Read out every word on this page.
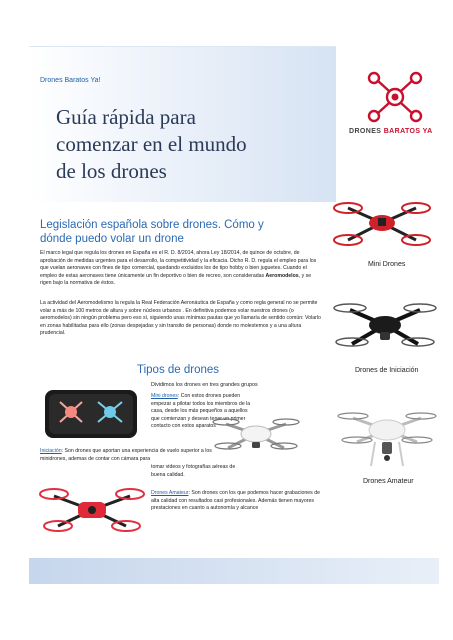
Drones Baratos Ya!
Guía rápida para
comenzar en el mundo
de los drones
DRONES BARATOS YA
Legislación española sobre drones. Cómo y
dónde puedo volar un drone
El marco legal que regula los drones en España es el R. D. 8/2014, ahora Ley 18/2014, de quince de octubre, de aprobación de medidas urgentes para el desarrollo, la competitividad y la eficacia. Dicho R. D. regula el empleo para los que vuelan aeronaves con fines de tipo comercial, quedando excluidos los de tipo hobby o bien juguetes. Cuando el empleo de estas aeronaves tiene únicamente un fin deportivo o bien de recreo, son consideradas Aeromodelos, y se rigen bajo la normativa de éstos.
La actividad del Aeromodelismo la regula la Real Federación Aeronáutica de España y como regla general no se permite volar a más de 100 metros de altura y sobre núcleos urbanos . En definitiva podemos volar nuestros drones (o aeromodelos) sin ningún problema pero eso sí, siguiendo unas mínimas pautas que yo llamaría de sentido común: Volarlo en zonas habilitadas para ello (zonas despejadas y sin transito de personas) donde no molestemos y a una altura prudencial.
Tipos de drones
Dividimos los drones en tres grandes grupos
Mini drones: Con estos drones pueden empezar a pilotar todos los miembros de la casa, desde los más pequeños a aquellos que comienzan y desean tener un primer contacto con estos aparatos
Iniciación: Son drones que aportan una experiencia de vuelo superior a los minidrones, ademas de contar con cámara para
tomar videos y fotografías aéreas de buena calidad.
Drones Amateur: Son drones con los que podemos hacer grabaciones de alta calidad con resultados casi profesionales. Además tienen mayores prestaciones en cuanto a autonomía y alcance
Mini Drones
Drones de Iniciación
Drones Amateur
